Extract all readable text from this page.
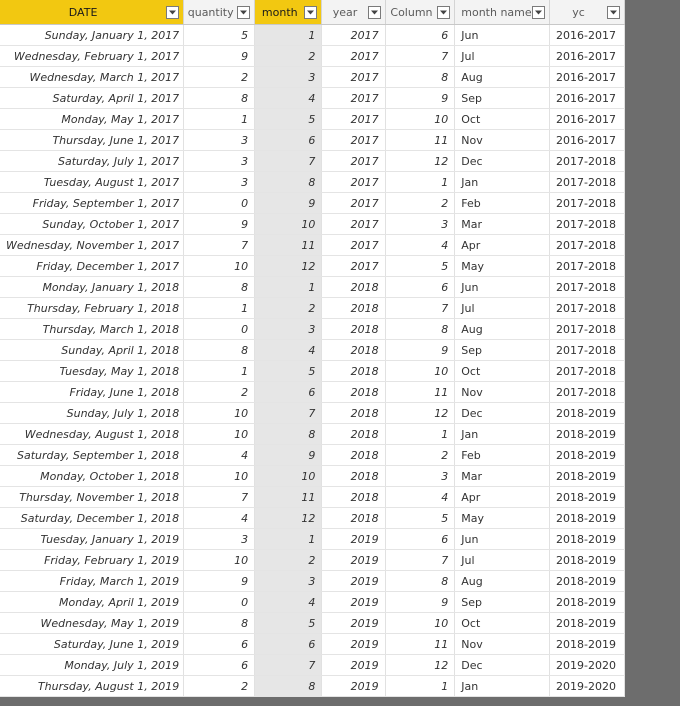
DATE	quantity	month	year	Column	month name	yc

Sunday, January 1, 2017	5	1	2017	6	Jun	2016-2017
Wednesday, February 1, 2017	9	2	2017	7	Jul	2016-2017
Wednesday, March 1, 2017	2	3	2017	8	Aug	2016-2017
Saturday, April 1, 2017	8	4	2017	9	Sep	2016-2017
Monday, May 1, 2017	1	5	2017	10	Oct	2016-2017
Thursday, June 1, 2017	3	6	2017	11	Nov	2016-2017
Saturday, July 1, 2017	3	7	2017	12	Dec	2017-2018
Tuesday, August 1, 2017	3	8	2017	1	Jan	2017-2018
Friday, September 1, 2017	0	9	2017	2	Feb	2017-2018
Sunday, October 1, 2017	9	10	2017	3	Mar	2017-2018
Wednesday, November 1, 2017	7	11	2017	4	Apr	2017-2018
Friday, December 1, 2017	10	12	2017	5	May	2017-2018
Monday, January 1, 2018	8	1	2018	6	Jun	2017-2018
Thursday, February 1, 2018	1	2	2018	7	Jul	2017-2018
Thursday, March 1, 2018	0	3	2018	8	Aug	2017-2018
Sunday, April 1, 2018	8	4	2018	9	Sep	2017-2018
Tuesday, May 1, 2018	1	5	2018	10	Oct	2017-2018
Friday, June 1, 2018	2	6	2018	11	Nov	2017-2018
Sunday, July 1, 2018	10	7	2018	12	Dec	2018-2019
Wednesday, August 1, 2018	10	8	2018	1	Jan	2018-2019
Saturday, September 1, 2018	4	9	2018	2	Feb	2018-2019
Monday, October 1, 2018	10	10	2018	3	Mar	2018-2019
Thursday, November 1, 2018	7	11	2018	4	Apr	2018-2019
Saturday, December 1, 2018	4	12	2018	5	May	2018-2019
Tuesday, January 1, 2019	3	1	2019	6	Jun	2018-2019
Friday, February 1, 2019	10	2	2019	7	Jul	2018-2019
Friday, March 1, 2019	9	3	2019	8	Aug	2018-2019
Monday, April 1, 2019	0	4	2019	9	Sep	2018-2019
Wednesday, May 1, 2019	8	5	2019	10	Oct	2018-2019
Saturday, June 1, 2019	6	6	2019	11	Nov	2018-2019
Monday, July 1, 2019	6	7	2019	12	Dec	2019-2020
Thursday, August 1, 2019	2	8	2019	1	Jan	2019-2020
